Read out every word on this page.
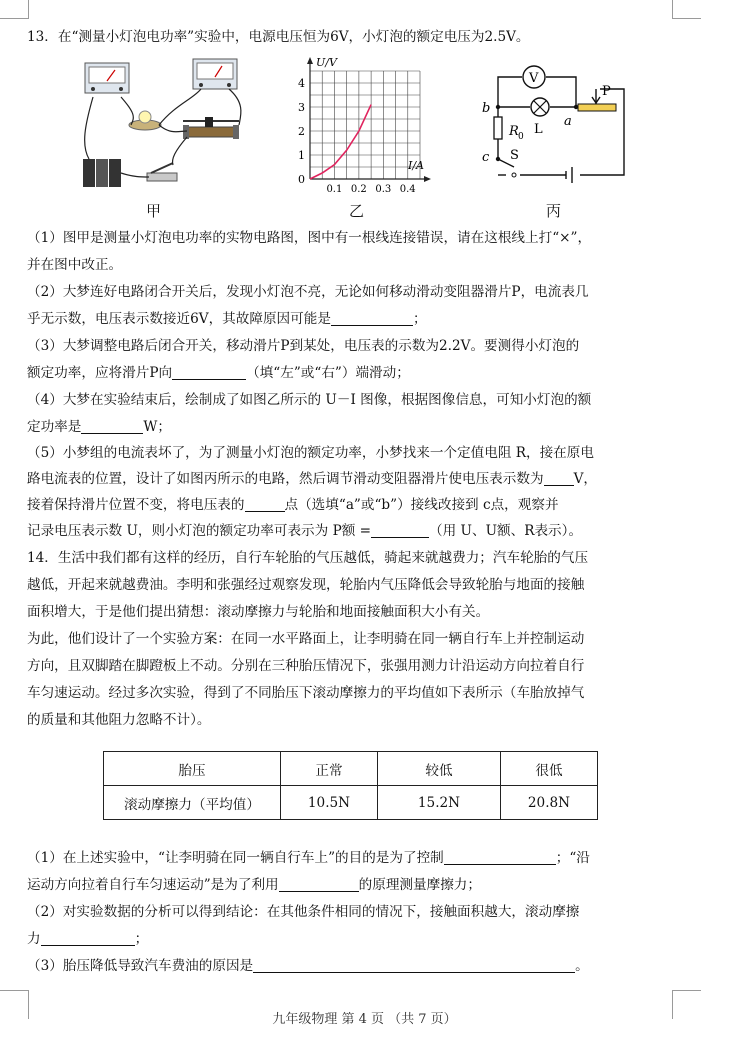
13．在“测量小灯泡电功率”实验中，电源电压恒为6V，小灯泡的额定电压为2.5V。
甲
U/V
I/A
0
1
2
3
4
0.1 0.2 0.3 0.4
乙
V
b
a
c
P
R 0 L
S
丙
（1）图甲是测量小灯泡电功率的实物电路图，图中有一根线连接错误，请在这根线上打“×”，
并在图中改正。
（2）大梦连好电路闭合开关后，发现小灯泡不亮，无论如何移动滑动变阻器滑片P，电流表几
乎无示数，电压表示数接近6V，其故障原因可能是	；
（3）大梦调整电路后闭合开关，移动滑片P到某处，电压表的示数为2.2V。要测得小灯泡的
额定功率，应将滑片P向	（填“左”或“右”）端滑动；
（4）大梦在实验结束后，绘制成了如图乙所示的 U－I 图像，根据图像信息，可知小灯泡的额
定功率是	W；
（5）小梦组的电流表坏了，为了测量小灯泡的额定功率，小梦找来一个定值电阻 R，接在原电
路电流表的位置，设计了如图丙所示的电路，然后调节滑动变阻器滑片使电压表示数为 V，
接着保持滑片位置不变，将电压表的	点（选填“a”或“b”）接线改接到 c点，观察并
记录电压表示数 U，则小灯泡的额定功率可表示为 P额 =	（用 U、U额、R表示）。
14．生活中我们都有这样的经历，自行车轮胎的气压越低，骑起来就越费力；汽车轮胎的气压
越低，开起来就越费油。李明和张强经过观察发现，轮胎内气压降低会导致轮胎与地面的接触
面积增大，于是他们提出猜想：滚动摩擦力与轮胎和地面接触面积大小有关。
为此，他们设计了一个实验方案：在同一水平路面上，让李明骑在同一辆自行车上并控制运动
方向，且双脚踏在脚蹬板上不动。分别在三种胎压情况下，张强用测力计沿运动方向拉着自行
车匀速运动。经过多次实验，得到了不同胎压下滚动摩擦力的平均值如下表所示（车胎放掉气
的质量和其他阻力忽略不计）。
胎压	正常	较低	很低
滚动摩擦力（平均值）	10.5N	15.2N	20.8N
（1）在上述实验中，“让李明骑在同一辆自行车上”的目的是为了控制	；“沿
运动方向拉着自行车匀速运动”是为了利用	的原理测量摩擦力；
（2）对实验数据的分析可以得到结论：在其他条件相同的情况下，接触面积越大，滚动摩擦
力	；
（3）胎压降低导致汽车费油的原因是	。
九年级物理 第 4 页 （共 7 页）
